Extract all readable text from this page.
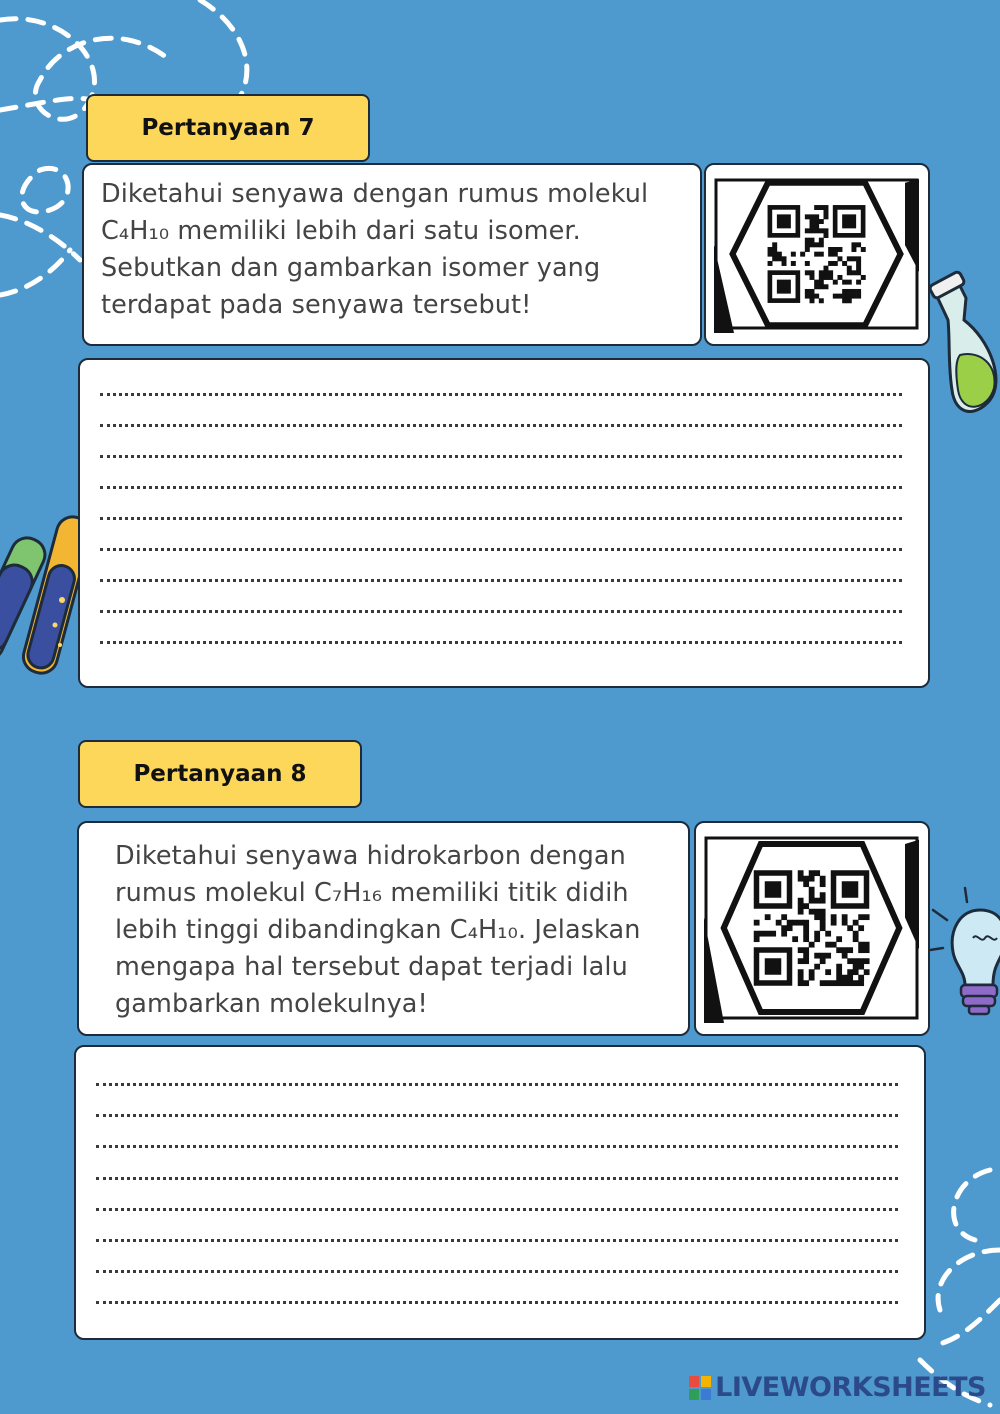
Pertanyaan 7
Diketahui senyawa dengan rumus molekul
C₄H₁₀ memiliki lebih dari satu isomer.
Sebutkan dan gambarkan isomer yang
terdapat pada senyawa tersebut!
Pertanyaan 8
Diketahui senyawa hidrokarbon dengan
rumus molekul C₇H₁₆ memiliki titik didih
lebih tinggi dibandingkan C₄H₁₀. Jelaskan
mengapa hal tersebut dapat terjadi lalu
gambarkan molekulnya!
LIVEWORKSHEETS
